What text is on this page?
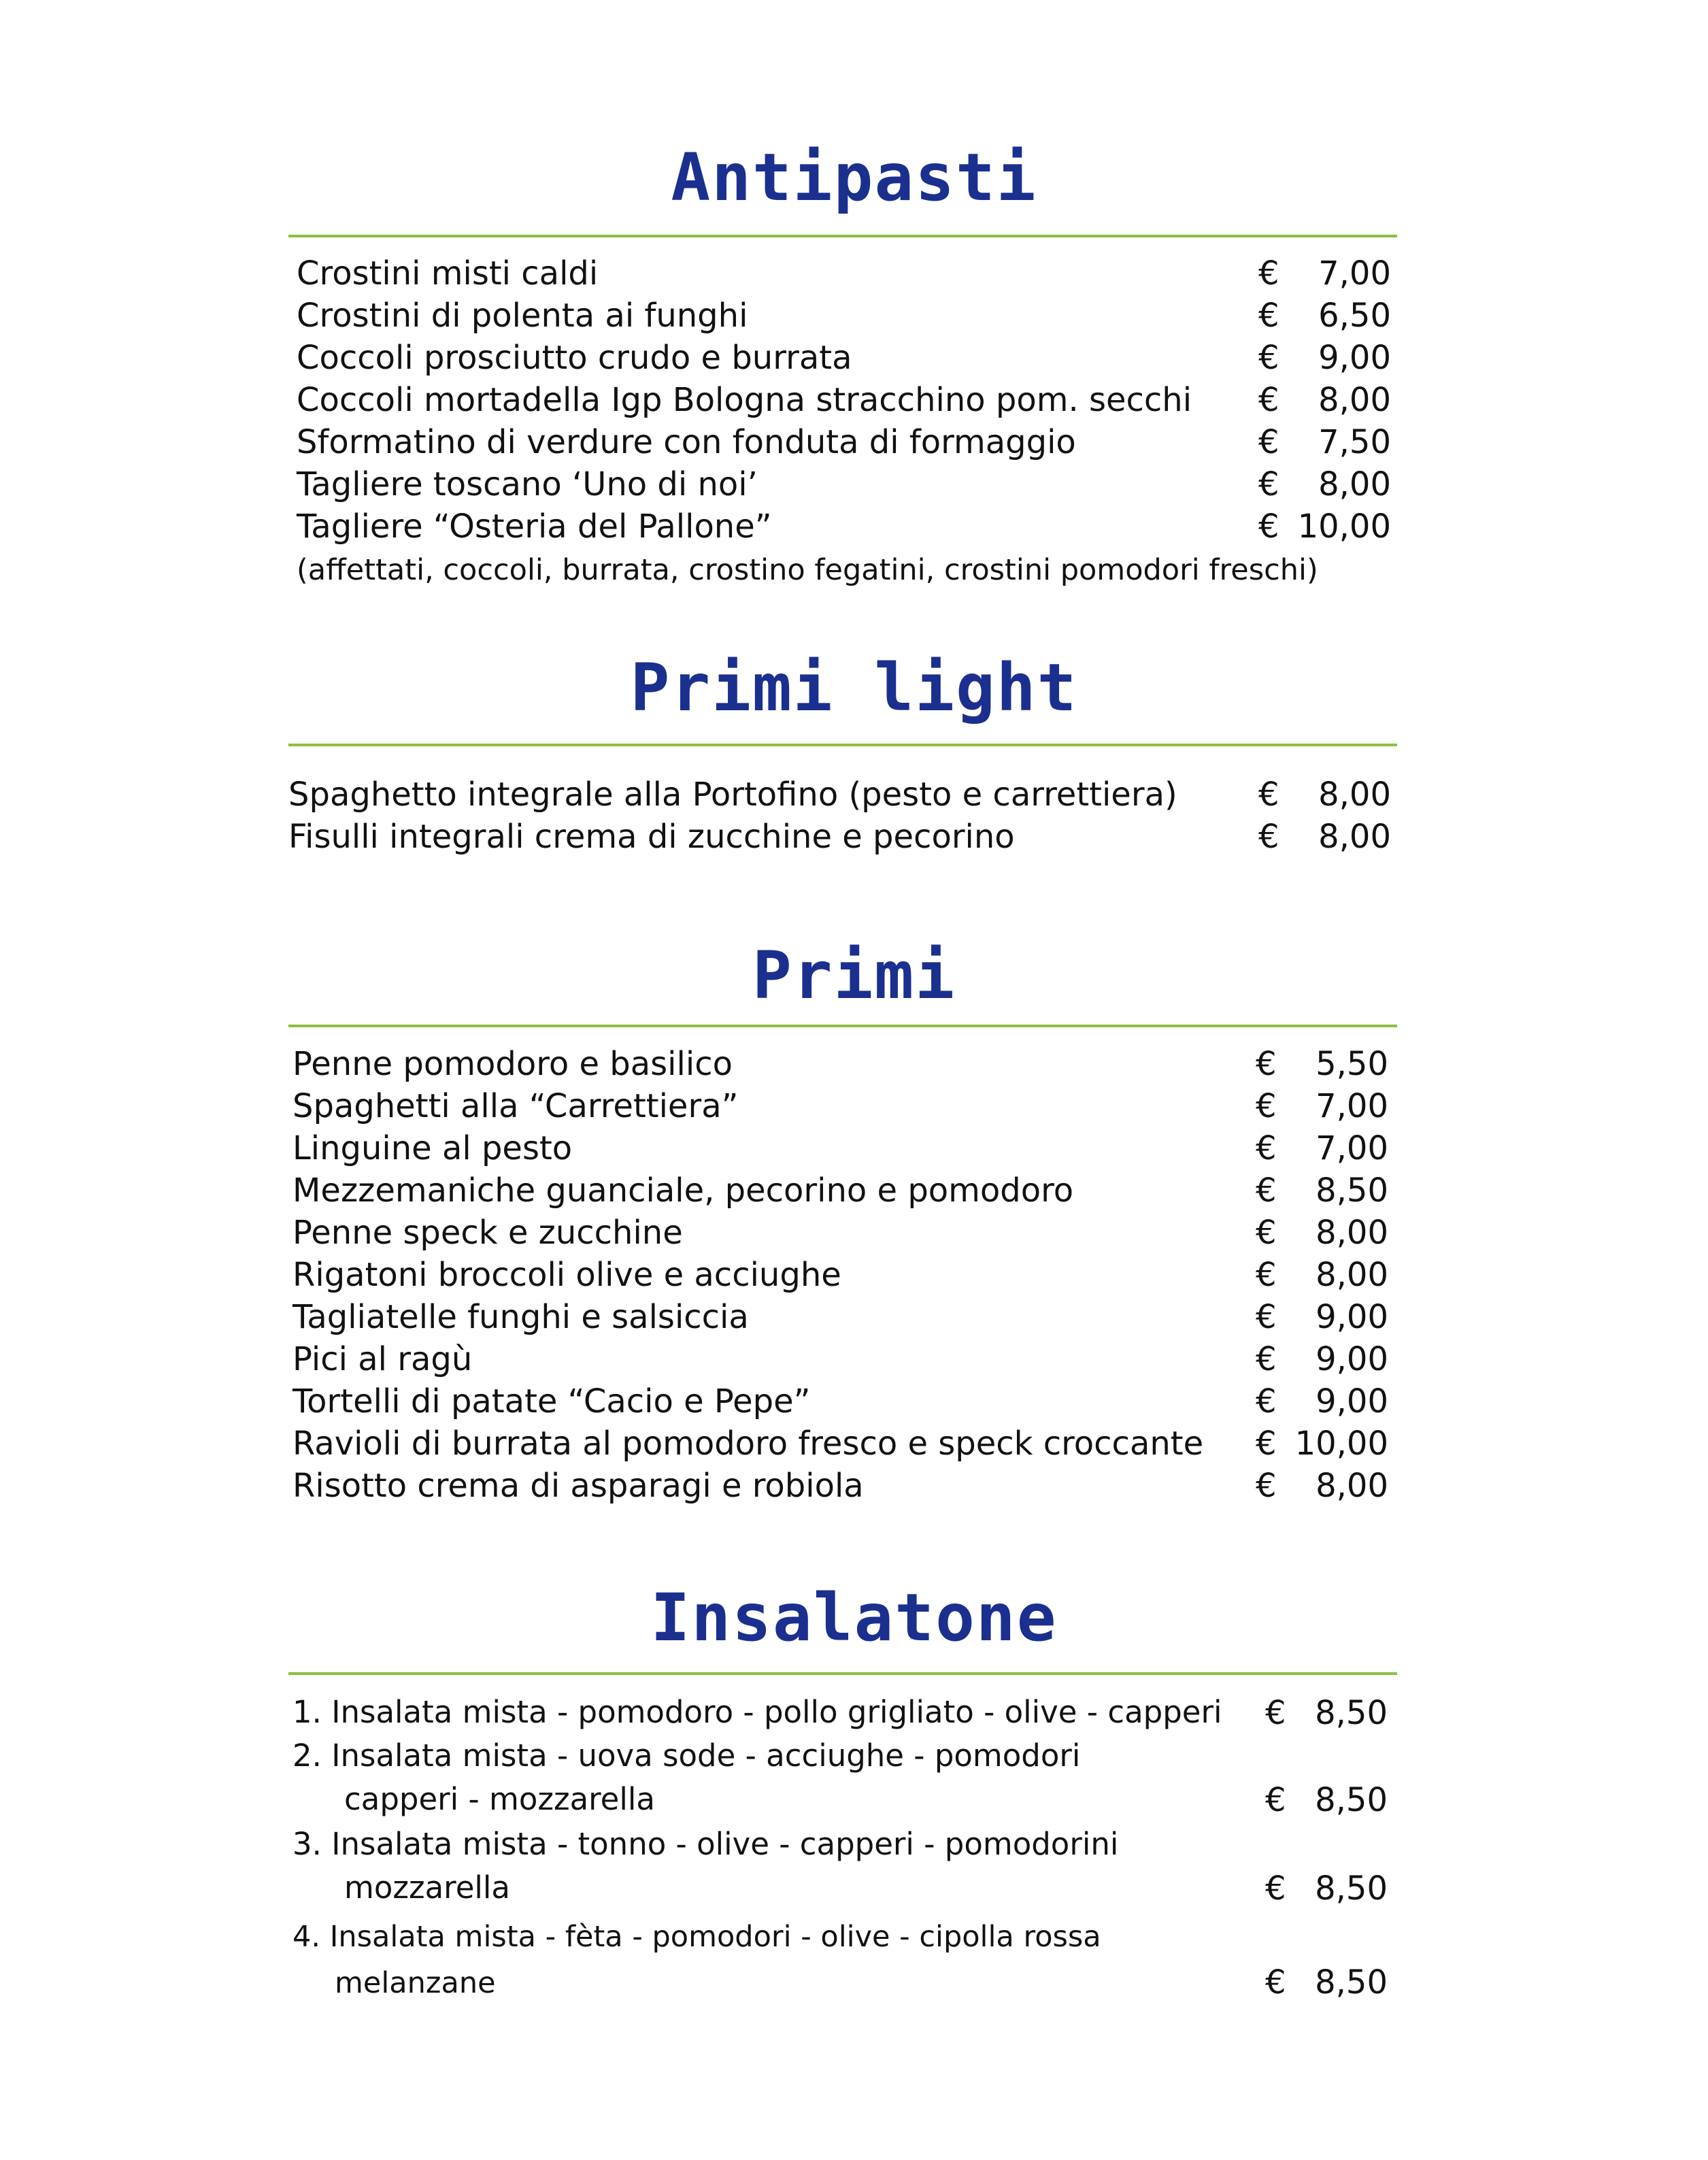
Antipasti
Crostini misti caldi	€ 7,00
Crostini di polenta ai funghi	€ 6,50
Coccoli prosciutto crudo e burrata	€ 9,00
Coccoli mortadella Igp Bologna stracchino pom. secchi € 8,00
Sformatino di verdure con fonduta di formaggio	€ 7,50
Tagliere toscano ‘Uno di noi’	€ 8,00
Tagliere “Osteria del Pallone”	€ 10,00
(affettati, coccoli, burrata, crostino fegatini, crostini pomodori freschi)
Primi light
Spaghetto integrale alla Portofino (pesto e carrettiera) € 8,00
Fisulli integrali crema di zucchine e pecorino	€ 8,00
Primi
Penne pomodoro e basilico	€ 5,50
Spaghetti alla “Carrettiera”	€ 7,00
Linguine al pesto	€ 7,00
Mezzemaniche guanciale, pecorino e pomodoro	€ 8,50
Penne speck e zucchine	€ 8,00
Rigatoni broccoli olive e acciughe	€ 8,00
Tagliatelle funghi e salsiccia	€ 9,00
Pici al ragù	€ 9,00
Tortelli di patate “Cacio e Pepe”	€ 9,00
Ravioli di burrata al pomodoro fresco e speck croccante € 10,00
Risotto crema di asparagi e robiola	€ 8,00
Insalatone
1. Insalata mista - pomodoro - pollo grigliato - olive - capperi € 8,50
2. Insalata mista - uova sode - acciughe - pomodori
capperi - mozzarella	€ 8,50
3. Insalata mista - tonno - olive - capperi - pomodorini
mozzarella	€ 8,50
4. Insalata mista - fèta - pomodori - olive - cipolla rossa
melanzane	€ 8,50
